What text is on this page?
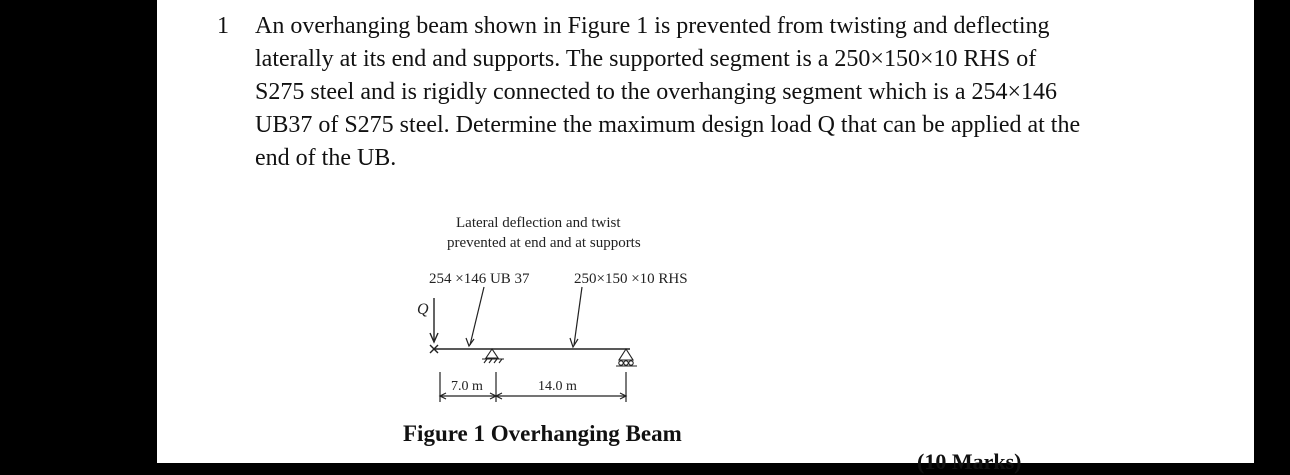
1 An overhanging beam shown in Figure 1 is prevented from twisting and deflecting
laterally at its end and supports. The supported segment is a 250×150×10 RHS of
S275 steel and is rigidly connected to the overhanging segment which is a 254×146
UB37 of S275 steel. Determine the maximum design load Q that can be applied at the
end of the UB.
Lateral deflection and twist
prevented at end and at supports
254 ×146 UB 37	250×150 ×10 RHS
Q
7.0 m	14.0 m
Figure 1 Overhanging Beam
(10 Marks)
